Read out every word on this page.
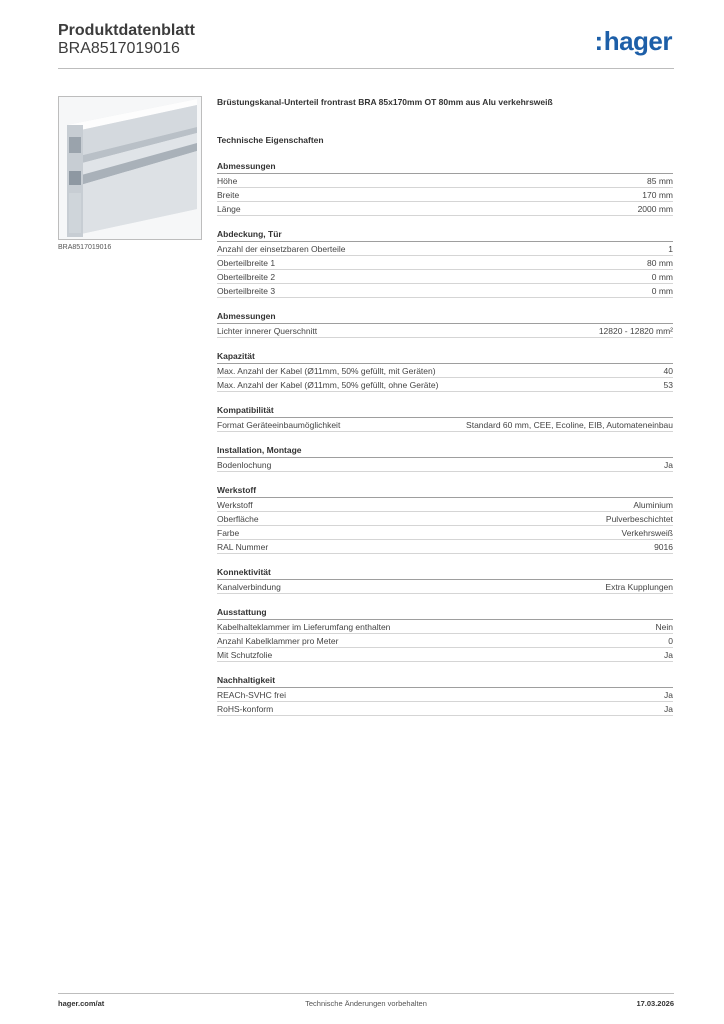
Produktdatenblatt
BRA8517019016	:hager
BRA8517019016
Brüstungskanal-Unterteil frontrast BRA 85x170mm OT 80mm aus Alu verkehrsweiß
Technische Eigenschaften
Abmessungen
Höhe	85 mm
Breite	170 mm
Länge	2000 mm
Abdeckung, Tür
Anzahl der einsetzbaren Oberteile	1
Oberteilbreite 1	80 mm
Oberteilbreite 2	0 mm
Oberteilbreite 3	0 mm
Abmessungen
Lichter innerer Querschnitt	12820 - 12820 mm²
Kapazität
Max. Anzahl der Kabel (Ø11mm, 50% gefüllt, mit Geräten)	40
Max. Anzahl der Kabel (Ø11mm, 50% gefüllt, ohne Geräte)	53
Kompatibilität
Format Geräteeinbaumöglichkeit	Standard 60 mm, CEE, Ecoline, EIB, Automateneinbau
Installation, Montage
Bodenlochung	Ja
Werkstoff
Werkstoff	Aluminium
Oberfläche	Pulverbeschichtet
Farbe	Verkehrsweiß
RAL Nummer	9016
Konnektivität
Kanalverbindung	Extra Kupplungen
Ausstattung
Kabelhalteklammer im Lieferumfang enthalten	Nein
Anzahl Kabelklammer pro Meter	0
Mit Schutzfolie	Ja
Nachhaltigkeit
REACh-SVHC frei	Ja
RoHS-konform	Ja
hager.com/at	Technische Änderungen vorbehalten	17.03.2026
